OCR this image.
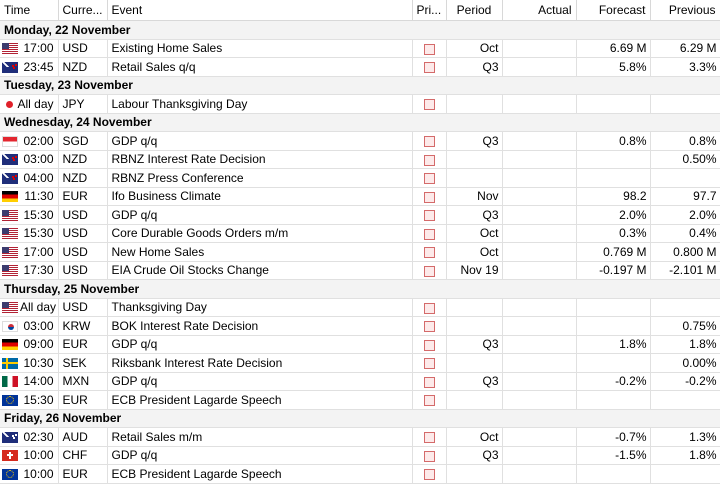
Time	Curre...	Event	Pri...	Period	Actual	Forecast	Previous
Monday, 22 November							

17:00	USD	Existing Home Sales		Oct		6.69 M	6.29 M

23:45	NZD	Retail Sales q/q		Q3		5.8%	3.3%
Tuesday, 23 November							

All day	JPY	Labour Thanksgiving Day					
Wednesday, 24 November							

02:00	SGD	GDP q/q		Q3		0.8%	0.8%

03:00	NZD	RBNZ Interest Rate Decision					0.50%

04:00	NZD	RBNZ Press Conference					

11:30	EUR	Ifo Business Climate		Nov		98.2	97.7

15:30	USD	GDP q/q		Q3		2.0%	2.0%

15:30	USD	Core Durable Goods Orders m/m		Oct		0.3%	0.4%

17:00	USD	New Home Sales		Oct		0.769 M	0.800 M

17:30	USD	EIA Crude Oil Stocks Change		Nov 19		-0.197 M	-2.101 M
Thursday, 25 November							

All day	USD	Thanksgiving Day					

03:00	KRW	BOK Interest Rate Decision					0.75%

09:00	EUR	GDP q/q		Q3		1.8%	1.8%

10:30	SEK	Riksbank Interest Rate Decision					0.00%

14:00	MXN	GDP q/q		Q3		-0.2%	-0.2%

15:30	EUR	ECB President Lagarde Speech					
Friday, 26 November							

02:30	AUD	Retail Sales m/m		Oct		-0.7%	1.3%

10:00	CHF	GDP q/q		Q3		-1.5%	1.8%

10:00	EUR	ECB President Lagarde Speech					
